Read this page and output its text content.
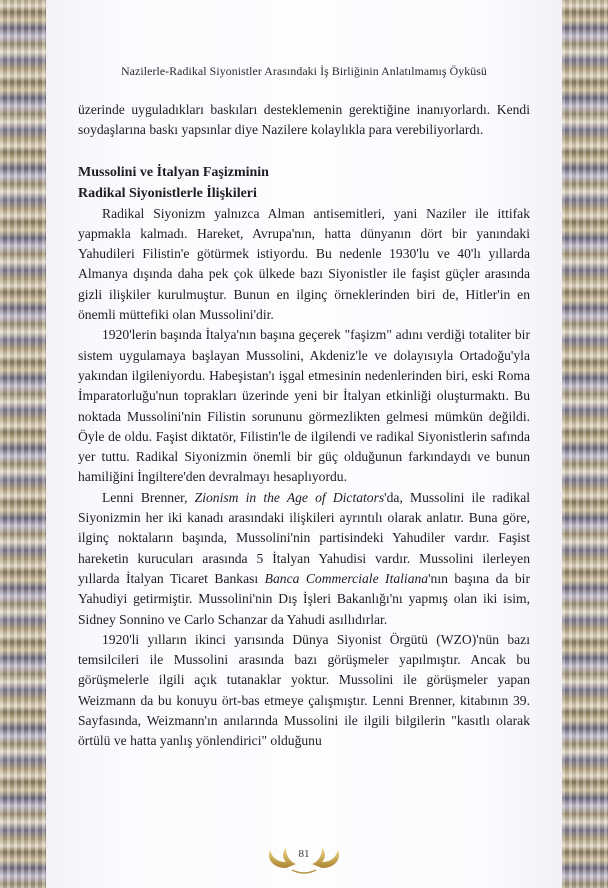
Nazilerle-Radikal Siyonistler Arasındaki İş Birliğinin Anlatılmamış Öyküsü

üzerinde uyguladıkları baskıları desteklemenin gerektiğine inanıyorlardı. Kendi soydaşlarına baskı yapsınlar diye Nazilere kolaylıkla para verebiliyorlardı.

Mussolini ve İtalyan Faşizminin

Radikal Siyonistlerle İlişkileri

Radikal Siyonizm yalnızca Alman antisemitleri, yani Naziler ile ittifak yapmakla kalmadı. Hareket, Avrupa'nın, hatta dünyanın dört bir yanındaki Yahudileri Filistin'e götürmek istiyordu. Bu nedenle 1930'lu ve 40'lı yıllarda Almanya dışında daha pek çok ülkede bazı Siyonistler ile faşist güçler arasında gizli ilişkiler kurulmuştur. Bunun en ilginç örneklerinden biri de, Hitler'in en önemli müttefiki olan Mussolini'dir.

1920'lerin başında İtalya'nın başına geçerek "faşizm" adını verdiği totaliter bir sistem uygulamaya başlayan Mussolini, Akdeniz'le ve dolayısıyla Ortadoğu'yla yakından ilgileniyordu. Habeşistan'ı işgal etmesinin nedenlerinden biri, eski Roma İmparatorluğu'nun toprakları üzerinde yeni bir İtalyan etkinliği oluşturmaktı. Bu noktada Mussolini'nin Filistin sorununu görmezlikten gelmesi mümkün değildi. Öyle de oldu. Faşist diktatör, Filistin'le de ilgilendi ve radikal Siyonistlerin safında yer tuttu. Radikal Siyonizmin önemli bir güç olduğunun farkındaydı ve bunun hamiliğini İngiltere'den devralmayı hesaplıyordu.

Lenni Brenner, Zionism in the Age of Dictators'da, Mussolini ile radikal Siyonizmin her iki kanadı arasındaki ilişkileri ayrıntılı olarak anlatır. Buna göre, ilginç noktaların başında, Mussolini'nin partisindeki Yahudiler vardır. Faşist hareketin kurucuları arasında 5 İtalyan Yahudisi vardır. Mussolini ilerleyen yıllarda İtalyan Ticaret Bankası Banca Commerciale Italiana'nın başına da bir Yahudiyi getirmiştir. Mussolini'nin Dış İşleri Bakanlığı'nı yapmış olan iki isim, Sidney Sonnino ve Carlo Schanzar da Yahudi asıllıdırlar.

1920'li yılların ikinci yarısında Dünya Siyonist Örgütü (WZO)'nün bazı temsilcileri ile Mussolini arasında bazı görüşmeler yapılmıştır. Ancak bu görüşmelerle ilgili açık tutanaklar yoktur. Mussolini ile görüşmeler yapan Weizmann da bu konuyu ört-bas etmeye çalışmıştır. Lenni Brenner, kitabının 39. Sayfasında, Weizmann'ın anılarında Mussolini ile ilgili bilgilerin "kasıtlı olarak örtülü ve hatta yanlış yönlendirici" olduğunu

81
